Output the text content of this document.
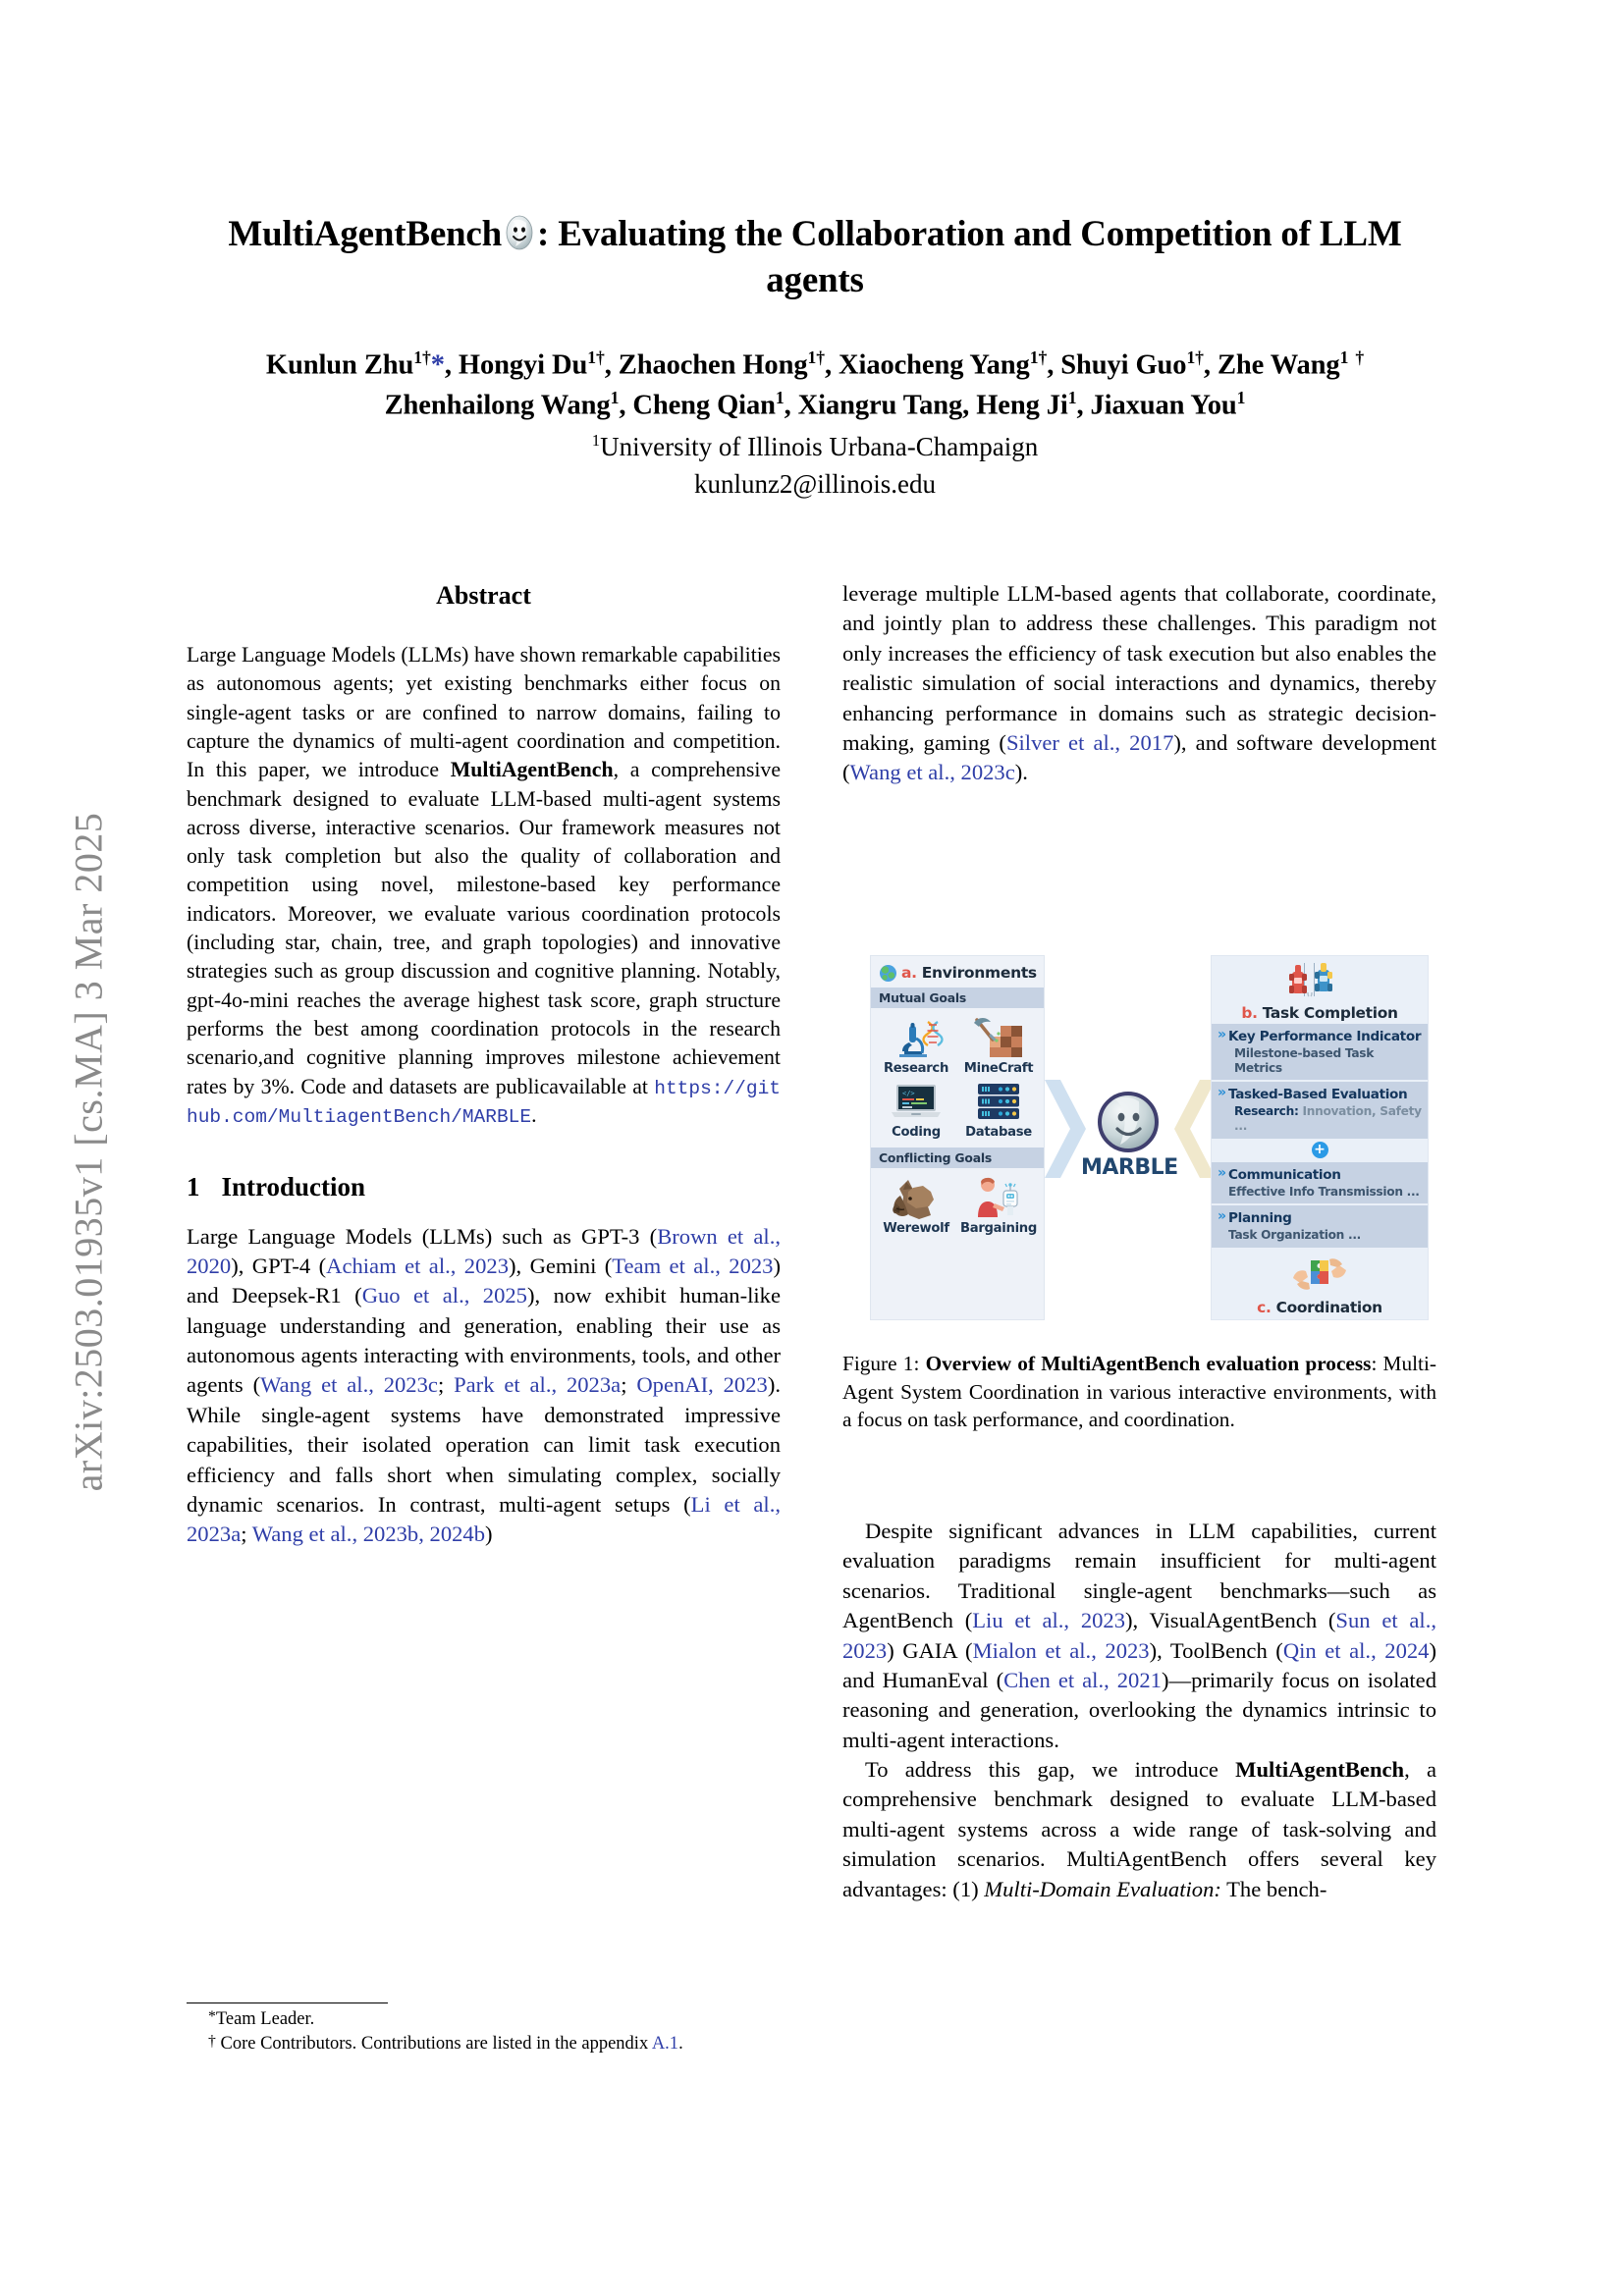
arXiv:2503.01935v1 [cs.MA] 3 Mar 2025
MultiAgentBench : Evaluating the Collaboration and Competition of LLM agents
Kunlun Zhu$^{1\dagger}$*, Hongyi $Du^{1\dagger}$, Zhaochen Hong$^{1\dagger}$, Xiaocheng Yang$^{1\dagger}$, Shuyi Guo$^{1\dagger}$, Zhe Wang$^1$ †
Zhenhailong Wang$^1$, Cheng Qian$^1$, Xiangru Tang, Heng Ji$^1$, Jiaxuan You$^1$
$^1$University of Illinois Urbana-Champaign
kunlunz2@illinois.edu
Abstract
Large Language Models (LLMs) have shown remarkable capabilities as autonomous agents; yet existing benchmarks either focus on single-agent tasks or are confined to narrow domains, failing to capture the dynamics of multi-agent coordination and competition. In this paper, we introduce MultiAgentBench, a comprehensive benchmark designed to evaluate LLM-based multi-agent systems across diverse, interactive scenarios. Our framework measures not only task completion but also the quality of collaboration and competition using novel, milestone-based key performance indicators. Moreover, we evaluate various coordination protocols (including star, chain, tree, and graph topologies) and innovative strategies such as group discussion and cognitive planning. Notably, gpt-4o-mini reaches the average highest task score, graph structure performs the best among coordination protocols in the research scenario,and cognitive planning improves milestone achievement rates by 3%. Code and datasets are publicavailable at https://github.com/MultiagentBench/MARBLE.
1 Introduction

Large Language Models (LLMs) such as GPT-3 (Brown et al., 2020), GPT-4 (Achiam et al., 2023), Gemini (Team et al., 2023) and Deepsek-R1 (Guo et al., 2025), now exhibit human-like language understanding and generation, enabling their use as autonomous agents interacting with environments, tools, and other agents (Wang et al., 2023c; Park et al., 2023a; OpenAI, 2023). While single-agent systems have demonstrated impressive capabilities, their isolated operation can limit task execution efficiency and falls short when simulating complex, socially dynamic scenarios. In contrast, multi-agent setups (Li et al., 2023a; Wang et al., 2023b, 2024b)

*Team Leader.

† Core Contributors. Contributions are listed in the appendix A.1.

leverage multiple LLM-based agents that collaborate, coordinate, and jointly plan to address these challenges. This paradigm not only increases the efficiency of task execution but also enables the realistic simulation of social interactions and dynamics, thereby enhancing performance in domains such as strategic decision-making, gaming (Silver et al., 2017), and software development (Wang et al., 2023c).

a. Environments
Mutual Goals
Research MineCraft
</>
Coding Database
Conflicting Goals
Werewolf Bargaining
MARBLE
b. Task Completion
» Key Performance Indicator
Milestone-based Task Metrics
» Tasked-Based Evaluation
Research: Innovation, Safety ...
+
» Communication
Effective Info Transmission ...
» Planning
Task Organization ...
c. Coordination
Figure 1: Overview of MultiAgentBench evaluation process: Multi-Agent System Coordination in various interactive environments, with a focus on task performance, and coordination.

Despite significant advances in LLM capabilities, current evaluation paradigms remain insufficient for multi-agent scenarios. Traditional single-agent benchmarks—such as AgentBench (Liu et al., 2023), VisualAgentBench (Sun et al., 2023) GAIA (Mialon et al., 2023), ToolBench (Qin et al., 2024) and HumanEval (Chen et al., 2021)—primarily focus on isolated reasoning and generation, overlooking the dynamics intrinsic to multi-agent interactions.

To address this gap, we introduce MultiAgentBench, a comprehensive benchmark designed to evaluate LLM-based multi-agent systems across a wide range of task-solving and simulation scenarios. MultiAgentBench offers several key advantages: (1) Multi-Domain Evaluation: The bench-
